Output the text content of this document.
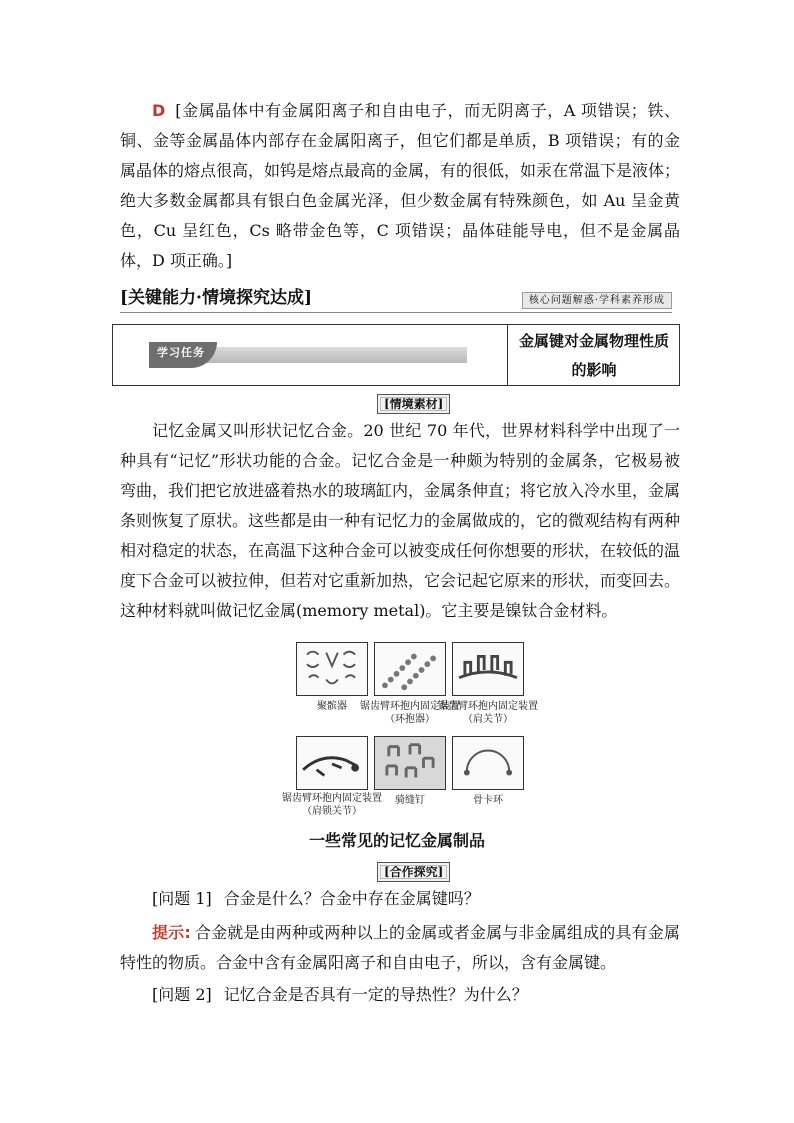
D [金属晶体中有金属阳离子和自由电子，而无阴离子，A 项错误；铁、铜、金等金属晶体内部存在金属阳离子，但它们都是单质，B 项错误；有的金属晶体的熔点很高，如钨是熔点最高的金属，有的很低，如汞在常温下是液体；绝大多数金属都具有银白色金属光泽，但少数金属有特殊颜色，如 Au 呈金黄色，Cu 呈红色，Cs 略带金色等，C 项错误；晶体硅能导电，但不是金属晶体，D 项正确。]

[关键能力·情境探究达成]	核心问题解惑·学科素养形成
学习任务
金属键对金属物理性质的影响
[情境素材]

记忆金属又叫形状记忆合金。20 世纪 70 年代，世界材料科学中出现了一种具有“记忆”形状功能的合金。记忆合金是一种颇为特别的金属条，它极易被弯曲，我们把它放进盛着热水的玻璃缸内，金属条伸直；将它放入冷水里，金属条则恢复了原状。这些都是由一种有记忆力的金属做成的，它的微观结构有两种相对稳定的状态，在高温下这种合金可以被变成任何你想要的形状，在较低的温度下合金可以被拉伸，但若对它重新加热，它会记起它原来的形状，而变回去。这种材料就叫做记忆金属(memory metal)。它主要是镍钛合金材料。

聚髌器	锯齿臂环抱内固定装置（环抱器）
锯齿臂环抱内固定装置（肩关节）
锯齿臂环抱内固定装置（肩锁关节）
骑缝钉	骨卡环
一些常见的记忆金属制品
[合作探究]

[问题 1] 合金是什么？合金中存在金属键吗？

提示: 合金就是由两种或两种以上的金属或者金属与非金属组成的具有金属特性的物质。合金中含有金属阳离子和自由电子，所以，含有金属键。

[问题 2] 记忆合金是否具有一定的导热性？为什么？
